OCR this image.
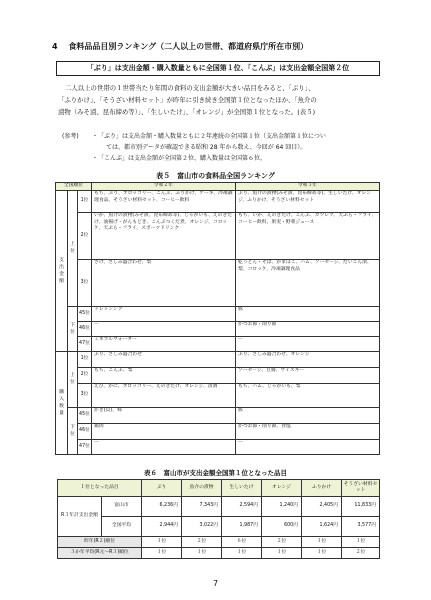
4 食料品品目別ランキング（二人以上の世帯、都道府県庁所在市別）
「ぶり」は支出金額・購入数量ともに全国第１位、「こんぶ」は支出金額全国第２位

二人以上の世帯の１世帯当たり年間の食料の支出金額が大きい品目をみると、「ぶり」、

「ふりかけ」、「そうざい材料セット」が昨年に引き続き全国第１位となったほか、「魚介の

漬物（みそ漬、昆布締め等）」、「生しいたけ」、「オレンジ」が全国第１位となった。(表５)

(参考) ・ 「ぶり」は支出金額・購入数量ともに２年連続の全国第１位（支出金額第１位につい
ては、都市別データが確認できる昭和 28 年から数え、今回が 64 回目）。
・ 「こんぶ」は支出金額が全国第２位、購入数量は全国第６位。
表５　富山市の食料品全国ランキング
全国順位			令和２年	令和３年
支出金額	上位	1位	もち、ぶり、ブロッコリー、こんぶ、ふりかけ、ケーキ、冷凍調理食品、そうざい材料セット、コーヒー飲料	ぶり、魚介の漬物(みそ漬、昆布締め等)、生しいたけ、オレンジ、ふりかけ、そうざい材料セット
		2位	いか、魚介の漬物(みそ漬、昆布締め等)、じゃがいも、えのきたけ、油揚げ・がんもどき、こんぶつくだ煮、オレンジ、コロッケ、天ぷら・フライ、スポーツドリンク	もち、いか、えのきたけ、こんぶ、カツレツ、天ぷら・フライ、コーヒー飲料、果実・野菜ジュース
		3位	さけ、さしみ盛合わせ、梨	乾うどん・そば、かまぼこ、ハム、ソーセージ、だいこん漬、梨、コロッケ、冷凍調理食品
	下位	45位	ドレッシング	豚
		46位	ー	かつお節・削り節
		47位	ミネラルウォーター	ー
購入数量	上位	1位	ぶり、さしみ盛合わせ	ぶり、さしみ盛合わせ、オレンジ
		2位	もち、こんぶ、梨	ソーセージ、豆腐、ウイスキー
		3位	えび、かに、ブロッコリー、えのきたけ、オレンジ、清酒	もち、ハム、じゃがいも、梨
	下位	45位	かき(貝)、柿	豚
		46位	鶏肉	かつお節・削り節、食塩
		47位	ー	ー
表６　富山市が支出金額全国第１位となった品目
１位となった品目		ぶり	魚介の漬物	生しいたけ	オレンジ	ふりかけ	そうざい材料セット
R３年計支出金額	富山市	6,236円	7,343円	2,594円	1,240円	2,405円	11,833円
	全国平均	2,944円	3,022円	1,987円	600円	1,624円	3,577円
昨年(R２)順位		１位	２位	６位	２位	１位	１位
３か年平均(R元～R３)順位		１位	１位	１位	１位	１位	２位
7
